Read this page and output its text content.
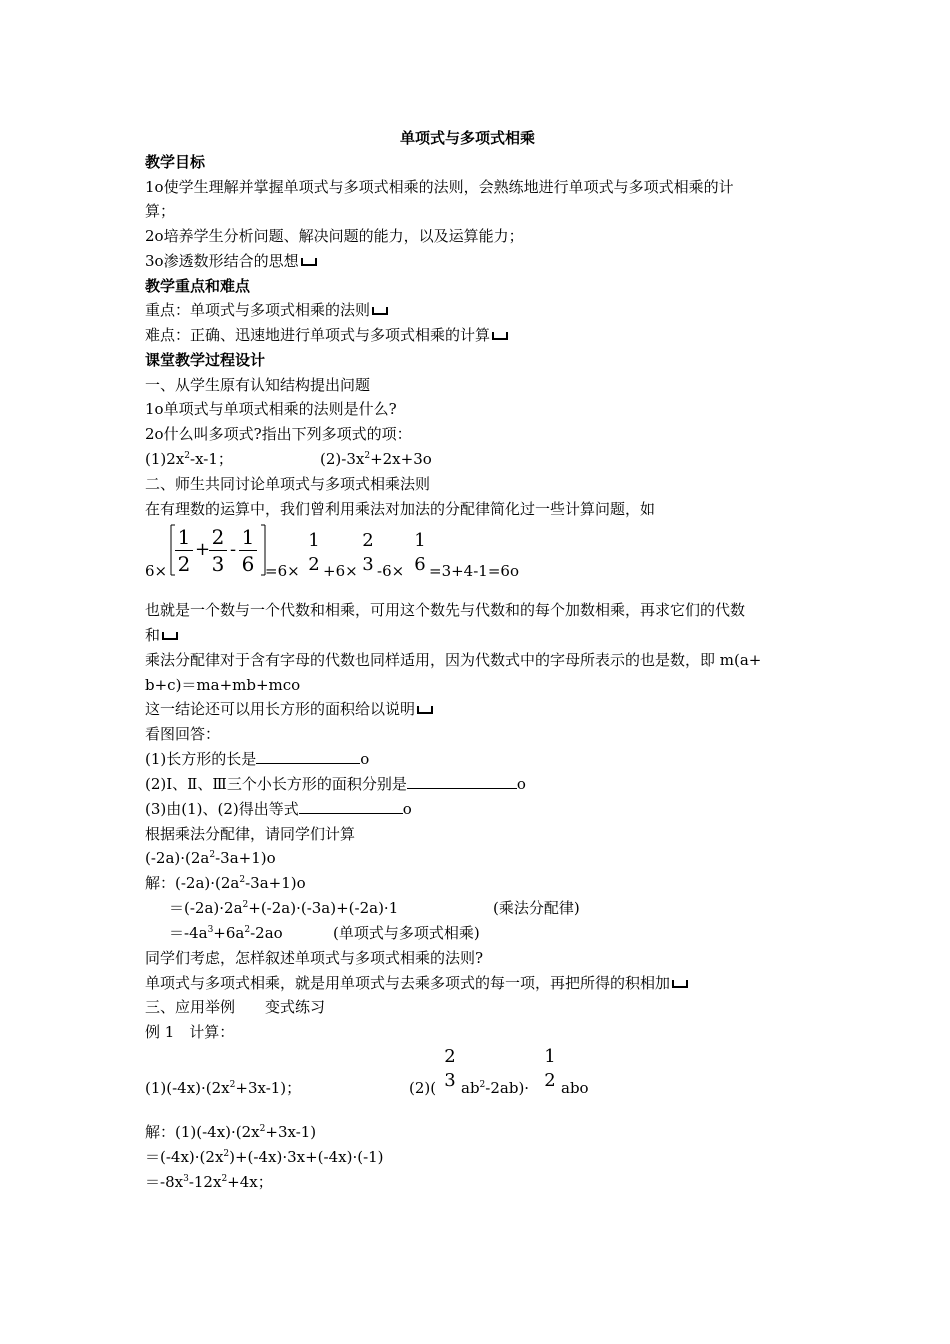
单项式与多项式相乘
教学目标
1o使学生理解并掌握单项式与多项式相乘的法则，会熟练地进行单项式与多项式相乘的计
算；
2o培养学生分析问题、解决问题的能力，以及运算能力；
3o渗透数形结合的思想
教学重点和难点
重点：单项式与多项式相乘的法则
难点：正确、迅速地进行单项式与多项式相乘的计算
课堂教学过程设计
一、从学生原有认知结构提出问题
1o单项式与单项式相乘的法则是什么?
2o什么叫多项式?指出下列多项式的项：
$(1)2x^2-x-1$；	$(2)-3x^2+2x+3o$
二、师生共同讨论单项式与多项式相乘法则
在有理数的运算中，我们曾利用乘法对加法的分配律简化过一些计算问题，如
6×
1
2
+
2
3
-
1
6 =6×
1
2 +6×
2
3 -6×
1
6 =3+4-1=6o
也就是一个数与一个代数和相乘，可用这个数先与代数和的每个加数相乘，再求它们的代数
和
乘法分配律对于含有字母的代数也同样适用，因为代数式中的字母所表示的也是数，即 m(a+
b+c)＝ma+mb+mco
这一结论还可以用长方形的面积给以说明
看图回答：
(1)长方形的长是	o
(2)Ⅰ、Ⅱ、Ⅲ三个小长方形的面积分别是	o
(3)由(1)、(2)得出等式	o
根据乘法分配律，请同学们计算
$(-2a)\cdot(2a^2-3a+1)o$
解：$(-2a)\cdot(2a^2-3a+1)o$
$=(-2a)\cdot 2a^2+(-2a)\cdot(-3a)+(-2a)\cdot 1$	(乘法分配律)
$=-4a^3+6a^2-2ao$	(单项式与多项式相乘)
同学们考虑，怎样叙述单项式与多项式相乘的法则?
单项式与多项式相乘，就是用单项式与去乘多项式的每一项，再把所得的积相加
三、应用举例　　变式练习
例 1　计算：
$(1)(-4x)\cdot(2x^2+3x-1)$；	(2)(
2
3 $ab^2-2ab)\cdot$
1
2 abo
解：$(1)(-4x)\cdot(2x^2+3x-1)$
$=(-4x)\cdot(2x^2)+(-4x)\cdot 3x+(-4x)\cdot(-1)$
$=-8x^3-12x^2+4x$；
